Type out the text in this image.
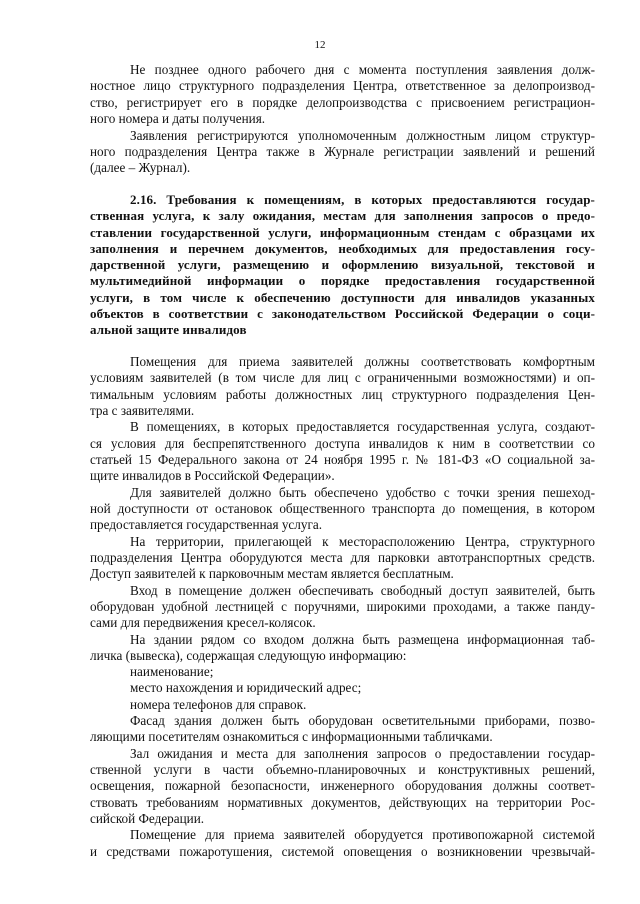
12
Не позднее одного рабочего дня с момента поступления заявления долж-
ностное лицо структурного подразделения Центра, ответственное за делопроизвод-
ство, регистрирует его в порядке делопроизводства с присвоением регистрацион-
ного номера и даты получения.
Заявления регистрируются уполномоченным должностным лицом структур-
ного подразделения Центра также в Журнале регистрации заявлений и решений
(далее – Журнал).
2.16. Требования к помещениям, в которых предоставляются государ-
ственная услуга, к залу ожидания, местам для заполнения запросов о предо-
ставлении государственной услуги, информационным стендам с образцами их
заполнения и перечнем документов, необходимых для предоставления госу-
дарственной услуги, размещению и оформлению визуальной, текстовой и
мультимедийной информации о порядке предоставления государственной
услуги, в том числе к обеспечению доступности для инвалидов указанных
объектов в соответствии с законодательством Российской Федерации о соци-
альной защите инвалидов
Помещения для приема заявителей должны соответствовать комфортным
условиям заявителей (в том числе для лиц с ограниченными возможностями) и оп-
тимальным условиям работы должностных лиц структурного подразделения Цен-
тра с заявителями.
В помещениях, в которых предоставляется государственная услуга, создают-
ся условия для беспрепятственного доступа инвалидов к ним в соответствии со
статьей 15 Федерального закона от 24 ноября 1995 г. № 181-ФЗ «О социальной за-
щите инвалидов в Российской Федерации».
Для заявителей должно быть обеспечено удобство с точки зрения пешеход-
ной доступности от остановок общественного транспорта до помещения, в котором
предоставляется государственная услуга.
На территории, прилегающей к месторасположению Центра, структурного
подразделения Центра оборудуются места для парковки автотранспортных средств.
Доступ заявителей к парковочным местам является бесплатным.
Вход в помещение должен обеспечивать свободный доступ заявителей, быть
оборудован удобной лестницей с поручнями, широкими проходами, а также панду-
сами для передвижения кресел-колясок.
На здании рядом со входом должна быть размещена информационная таб-
личка (вывеска), содержащая следующую информацию:
наименование;
место нахождения и юридический адрес;
номера телефонов для справок.
Фасад здания должен быть оборудован осветительными приборами, позво-
ляющими посетителям ознакомиться с информационными табличками.
Зал ожидания и места для заполнения запросов о предоставлении государ-
ственной услуги в части объемно-планировочных и конструктивных решений,
освещения, пожарной безопасности, инженерного оборудования должны соответ-
ствовать требованиям нормативных документов, действующих на территории Рос-
сийской Федерации.
Помещение для приема заявителей оборудуется противопожарной системой
и средствами пожаротушения, системой оповещения о возникновении чрезвычай-
